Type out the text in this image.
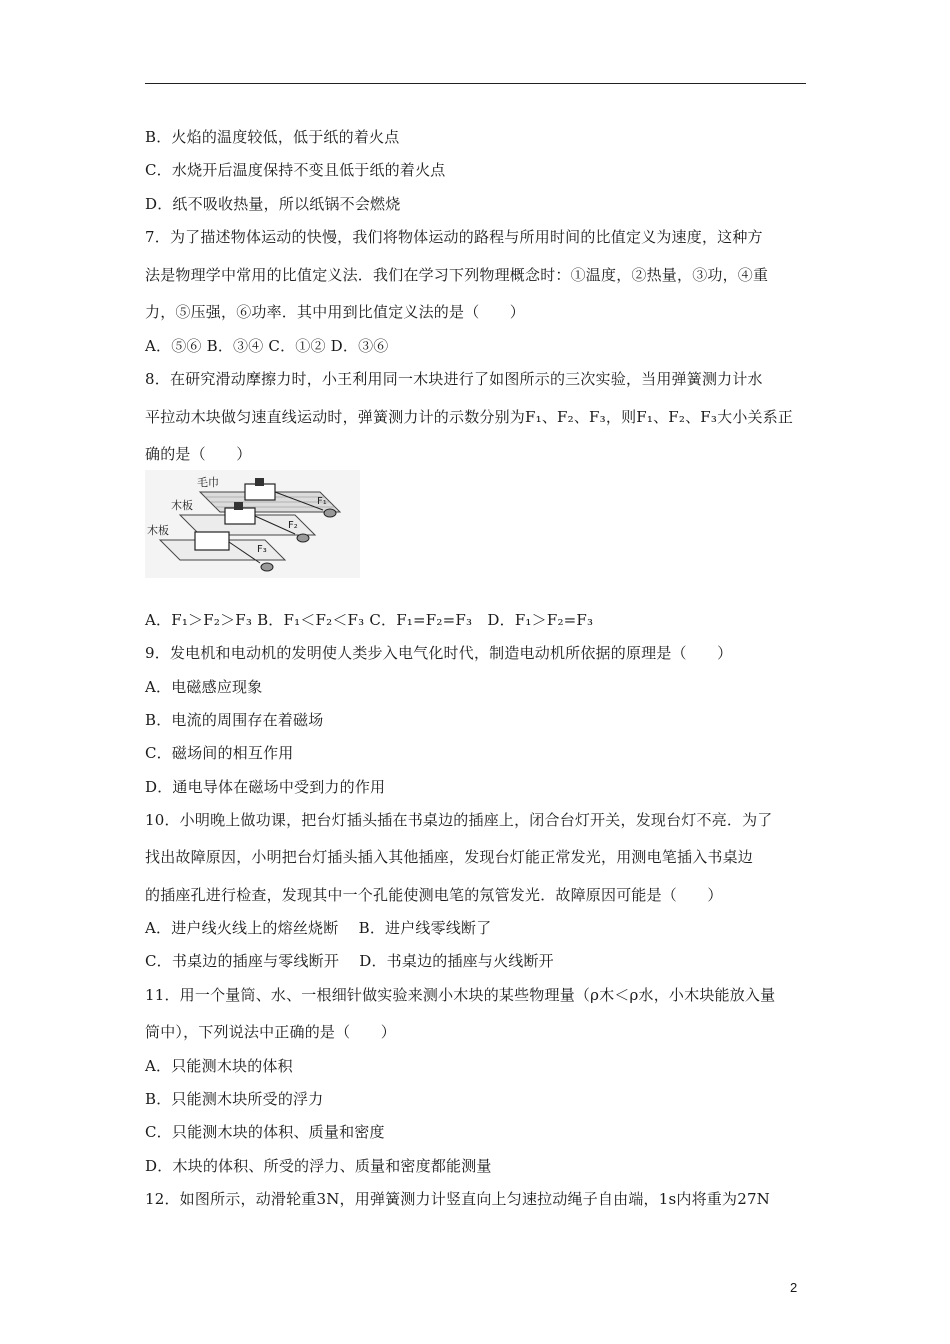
B．火焰的温度较低，低于纸的着火点
C．水烧开后温度保持不变且低于纸的着火点
D．纸不吸收热量，所以纸锅不会燃烧
7．为了描述物体运动的快慢，我们将物体运动的路程与所用时间的比值定义为速度，这种方
法是物理学中常用的比值定义法．我们在学习下列物理概念时：①温度，②热量，③功，④重
力，⑤压强，⑥功率．其中用到比值定义法的是（　　）
A．⑤⑥ B．③④ C．①② D．③⑥
8．在研究滑动摩擦力时，小王利用同一木块进行了如图所示的三次实验，当用弹簧测力计水
平拉动木块做匀速直线运动时，弹簧测力计的示数分别为F₁、F₂、F₃，则F₁、F₂、F₃大小关系正
确的是（　　）
A．F₁＞F₂＞F₃ B．F₁＜F₂＜F₃ C．F₁=F₂=F₃　D．F₁＞F₂=F₃
9．发电机和电动机的发明使人类步入电气化时代，制造电动机所依据的原理是（　　）
A．电磁感应现象
B．电流的周围存在着磁场
C．磁场间的相互作用
D．通电导体在磁场中受到力的作用
10．小明晚上做功课，把台灯插头插在书桌边的插座上，闭合台灯开关，发现台灯不亮．为了
找出故障原因，小明把台灯插头插入其他插座，发现台灯能正常发光，用测电笔插入书桌边
的插座孔进行检查，发现其中一个孔能使测电笔的氖管发光．故障原因可能是（　　）
A．进户线火线上的熔丝烧断　 B．进户线零线断了
C．书桌边的插座与零线断开　 D．书桌边的插座与火线断开
11．用一个量筒、水、一根细针做实验来测小木块的某些物理量（ρ木＜ρ水，小木块能放入量
筒中），下列说法中正确的是（　　）
A．只能测木块的体积
B．只能测木块所受的浮力
C．只能测木块的体积、质量和密度
D．木块的体积、所受的浮力、质量和密度都能测量
12．如图所示，动滑轮重3N，用弹簧测力计竖直向上匀速拉动绳子自由端，1s内将重为27N
毛巾
木板
木板
F₁
F₂
F₃
2
